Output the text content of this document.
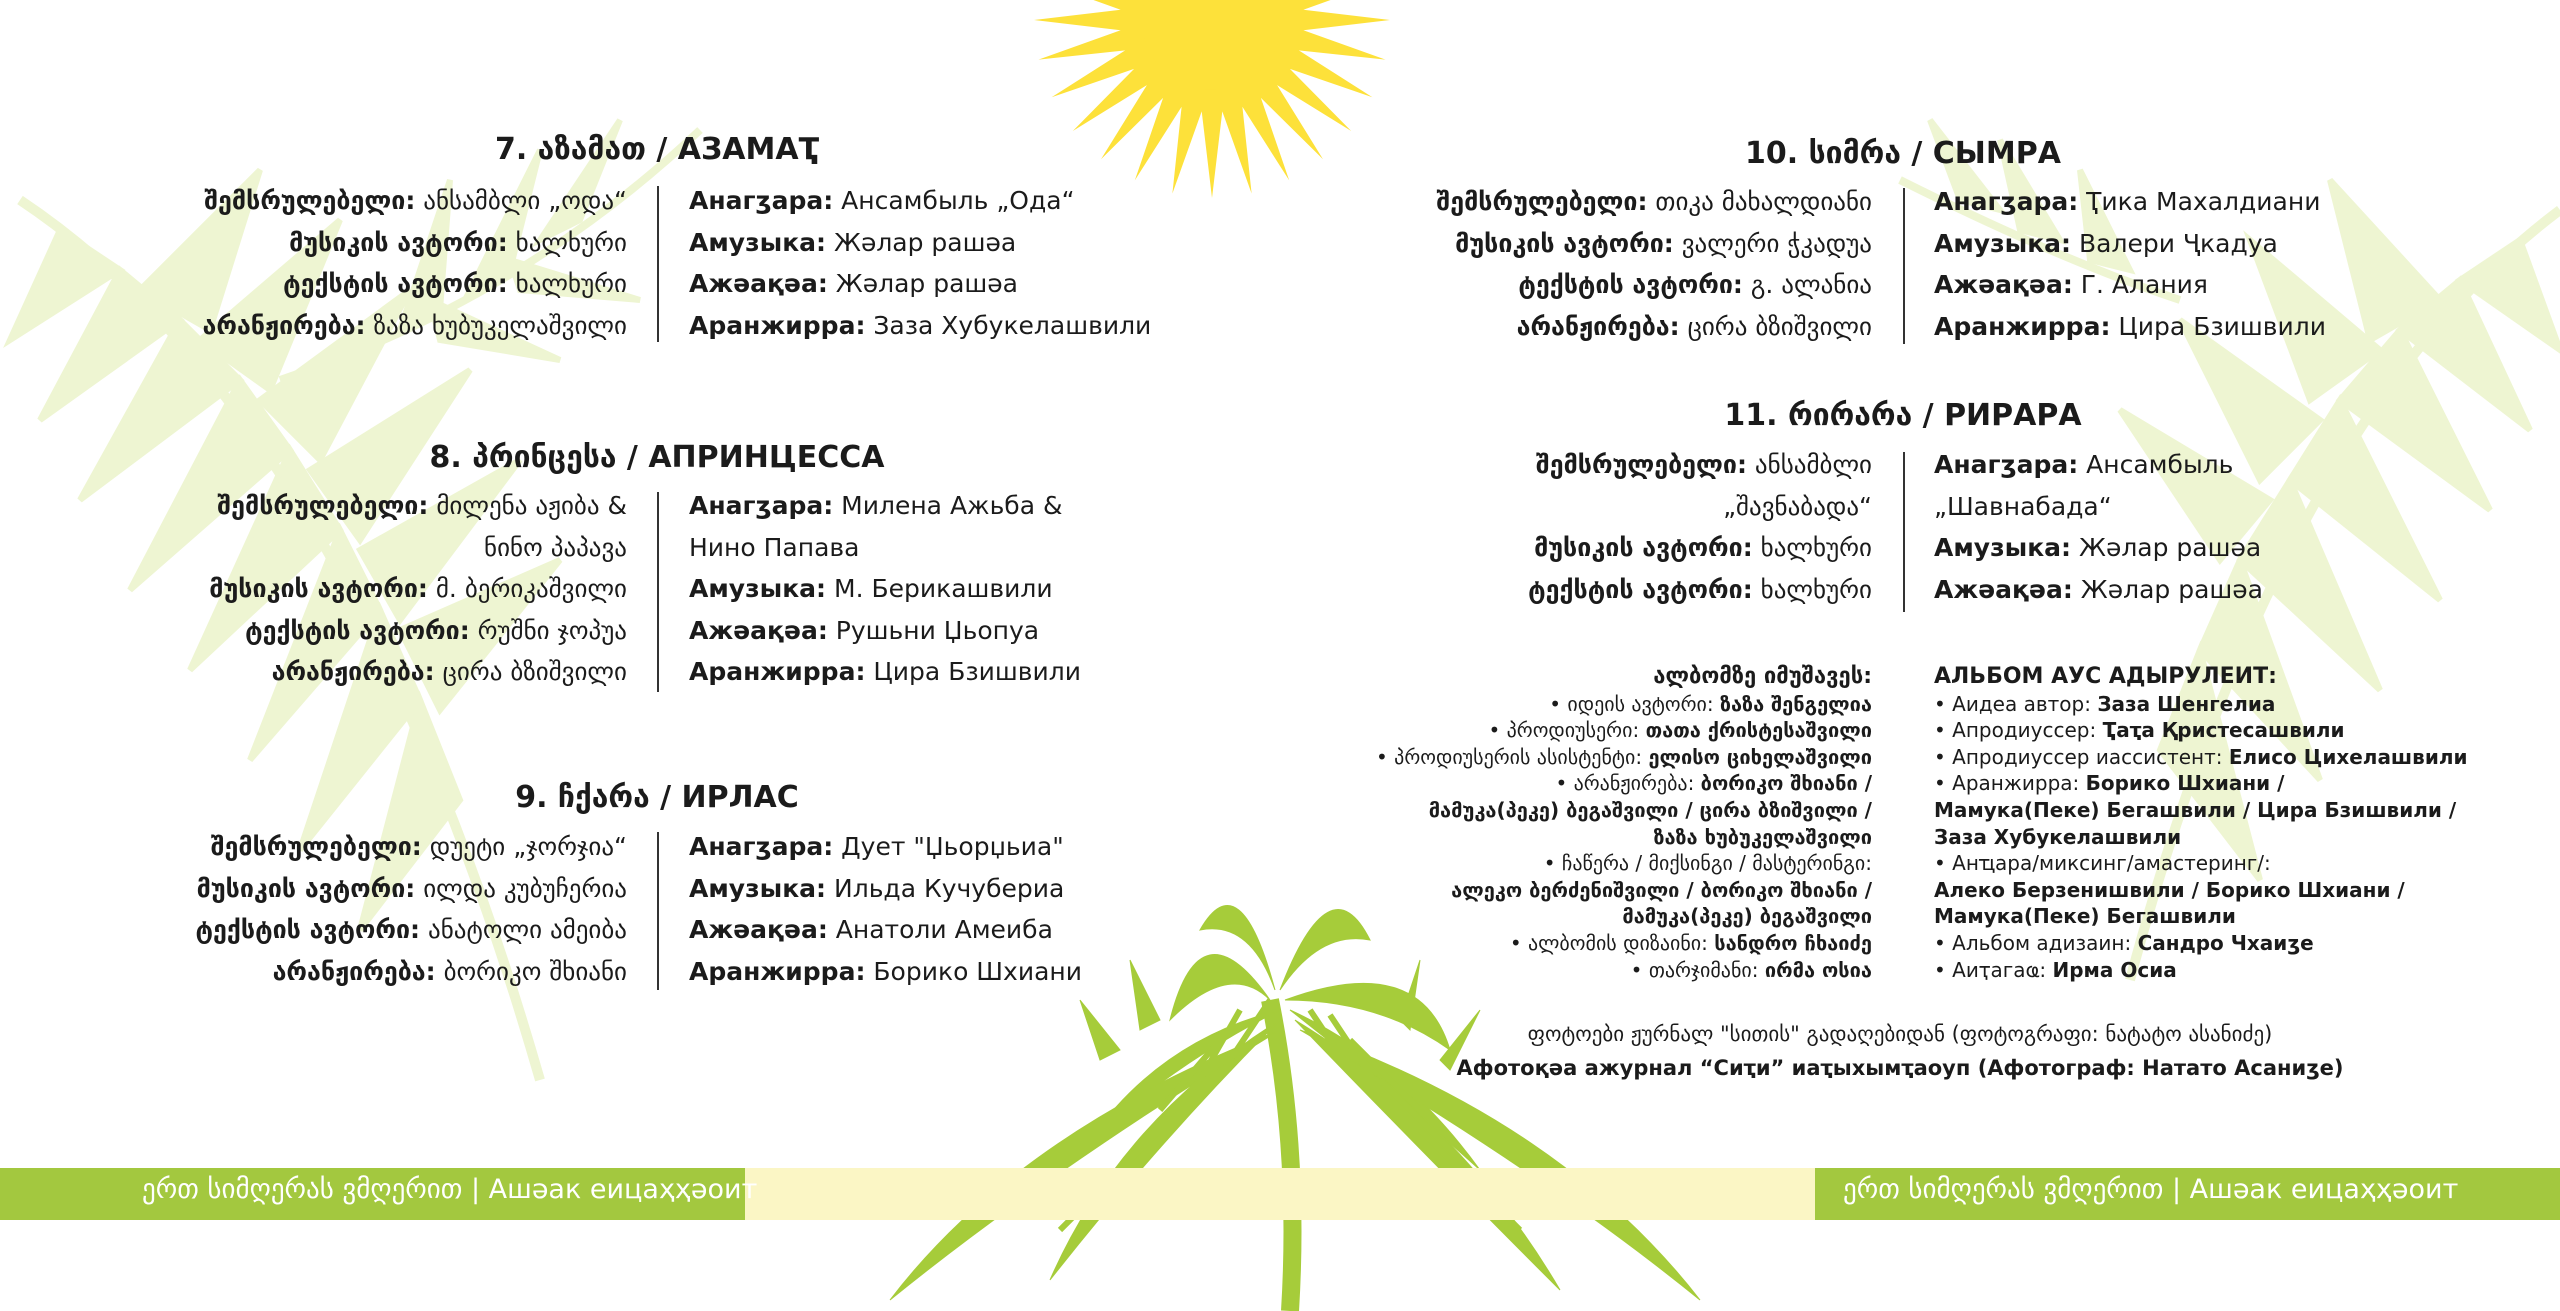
ერთ სიმღერას ვმღერით | Ашәак еицаҳҳәоит	ერთ სიმღერას ვმღერით | Ашәак еицаҳҳәоит
7. აზამათ / АЗАМАҬ
შემსრულებელი: ანსამბლი „ოდა“
მუსიკის ავტორი: ხალხური
ტექსტის ავტორი: ხალხური
არანჟირება: ზაზა ხუბუკელაშვილი
Анагӡара: Ансамбыль „Ода“
Амузыка: Жәлар рашәа
Ажәақәа: Жәлар рашәа
Аранжирра: Заза Хубукелашвили
8. პრინცესა / АПРИНЦЕССА
შემსრულებელი: მილენა აჟიბა &
ნინო პაპავა
მუსიკის ავტორი: მ. ბერიკაშვილი
ტექსტის ავტორი: რუშნი ჯოპუა
არანჟირება: ცირა ბზიშვილი
Анагӡара: Милена Ажьба &
Нино Папава
Амузыка: М. Берикашвили
Ажәақәа: Рушьни Џьопуа
Аранжирра: Цира Бзишвили
9. ჩქარა / ИРЛАС
შემსრულებელი: დუეტი „ჯორჯია“
მუსიკის ავტორი: ილდა კუბუჩერია
ტექსტის ავტორი: ანატოლი ამეიბა
არანჟირება: ბორიკო შხიანი
Анагӡара: Дует "Џьорџьиа"
Амузыка: Ильда Кучубериа
Ажәақәа: Анатоли Амеиба
Аранжирра: Борико Шхиани
10. სიმრა / СЫМРА
შემსრულებელი: თიკა მახალდიანი
მუსიკის ავტორი: ვალერი ჭკადუა
ტექსტის ავტორი: გ. ალანია
არანჟირება: ცირა ბზიშვილი
Анагӡара: Ҭика Махалдиани
Амузыка: Валери Ҷкадуа
Ажәақәа: Г. Алания
Аранжирра: Цира Бзишвили
11. რირარა / РИРАРА
შემსრულებელი: ანსამბლი
„შავნაბადა“
მუსიკის ავტორი: ხალხური
ტექსტის ავტორი: ხალხური
Анагӡара: Ансамбыль
„Шавнабада“
Амузыка: Жәлар рашәа
Ажәақәа: Жәлар рашәа
ალბომზე იმუშავეს:
• იდეის ავტორი: ზაზა შენგელია
• პროდიუსერი: თათა ქრისტესაშვილი
• პროდიუსერის ასისტენტი: ელისო ციხელაშვილი
• არანჟირება: ბორიკო შხიანი /
მამუკა(პეკე) ბეგაშვილი / ცირა ბზიშვილი /
ზაზა ხუბუკელაშვილი
• ჩაწერა / მიქსინგი / მასტერინგი:
ალეკო ბერძენიშვილი / ბორიკო შხიანი /
მამუკა(პეკე) ბეგაშვილი
• ალბომის დიზაინი: სანდრო ჩხაიძე
• თარჯიმანი: ირმა ოსია
АЛЬБОМ АУС АДЫРУЛЕИТ:
• Аидеа автор: Заза Шенгелиа
• Апродиуссер: Ҭаҭа Қристесашвили
• Апродиуссер иассистент: Елисо Цихелашвили
• Аранжирра: Борико Шхиани /
Мамука(Пеке) Бегашвили / Цира Бзишвили /
Заза Хубукелашвили
• Анҵара/миксинг/амастеринг/:
Алеко Берзенишвили / Борико Шхиани /
Мамука(Пеке) Бегашвили
• Альбом адизаин: Сандро Чхаиӡе
• Аиҭагаҩ: Ирма Осиа
ფოტოები ჟურნალ "სითის" გადაღებიდან (ფოტოგრაფი: ნატატო ასანიძე)
Афотоқәа ажурнал “Сиҭи” иаҭыхымҭаоуп (Афотограф: Нататo Асаниӡе)
